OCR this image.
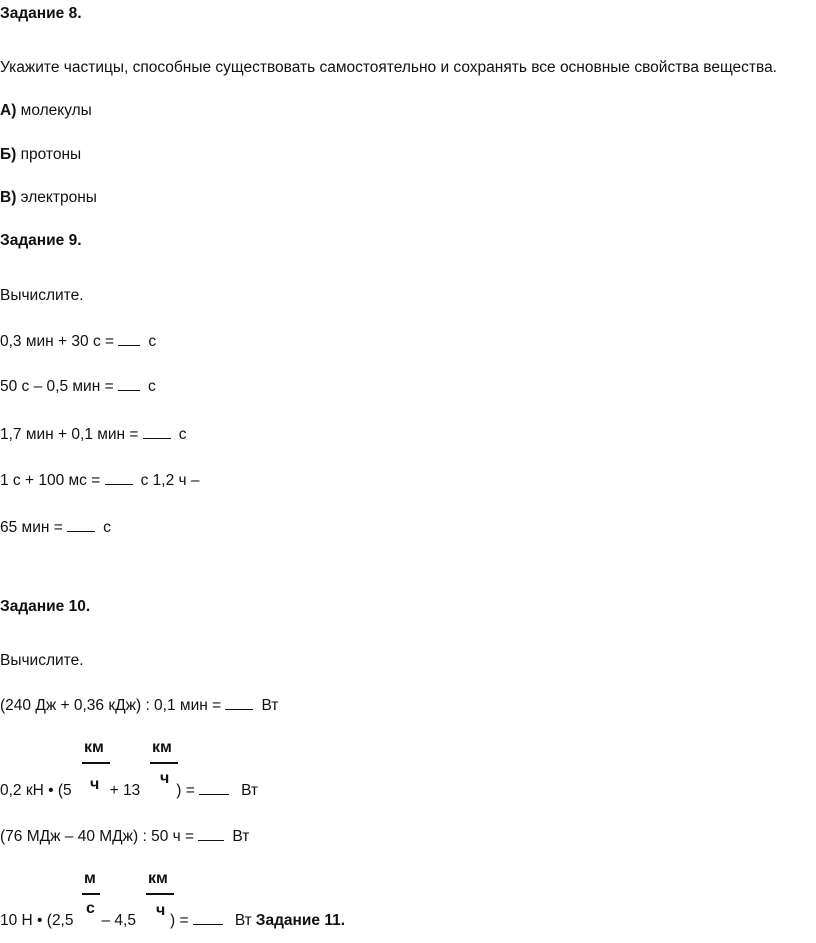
Задание 8.
Укажите частицы, способные существовать самостоятельно и сохранять все основные свойства вещества.
А) молекулы
Б) протоны
В) электроны
Задание 9.
Вычислите.
0,3 мин + 30 с = с
50 с – 0,5 мин = с
1,7 мин + 0,1 мин = с
1 с + 100 мс = с 1,2 ч –
65 мин = с
Задание 10.
Вычислите.
(240 Дж + 0,36 кДж) : 0,1 мин = Вт
км
ч
км
ч
0,2 кН • (5 + 13 ) =	Вт
(76 МДж – 40 МДж) : 50 ч = Вт
м
с
км
ч
10 Н • (2,5 – 4,5 ) =	Вт Задание 11.
